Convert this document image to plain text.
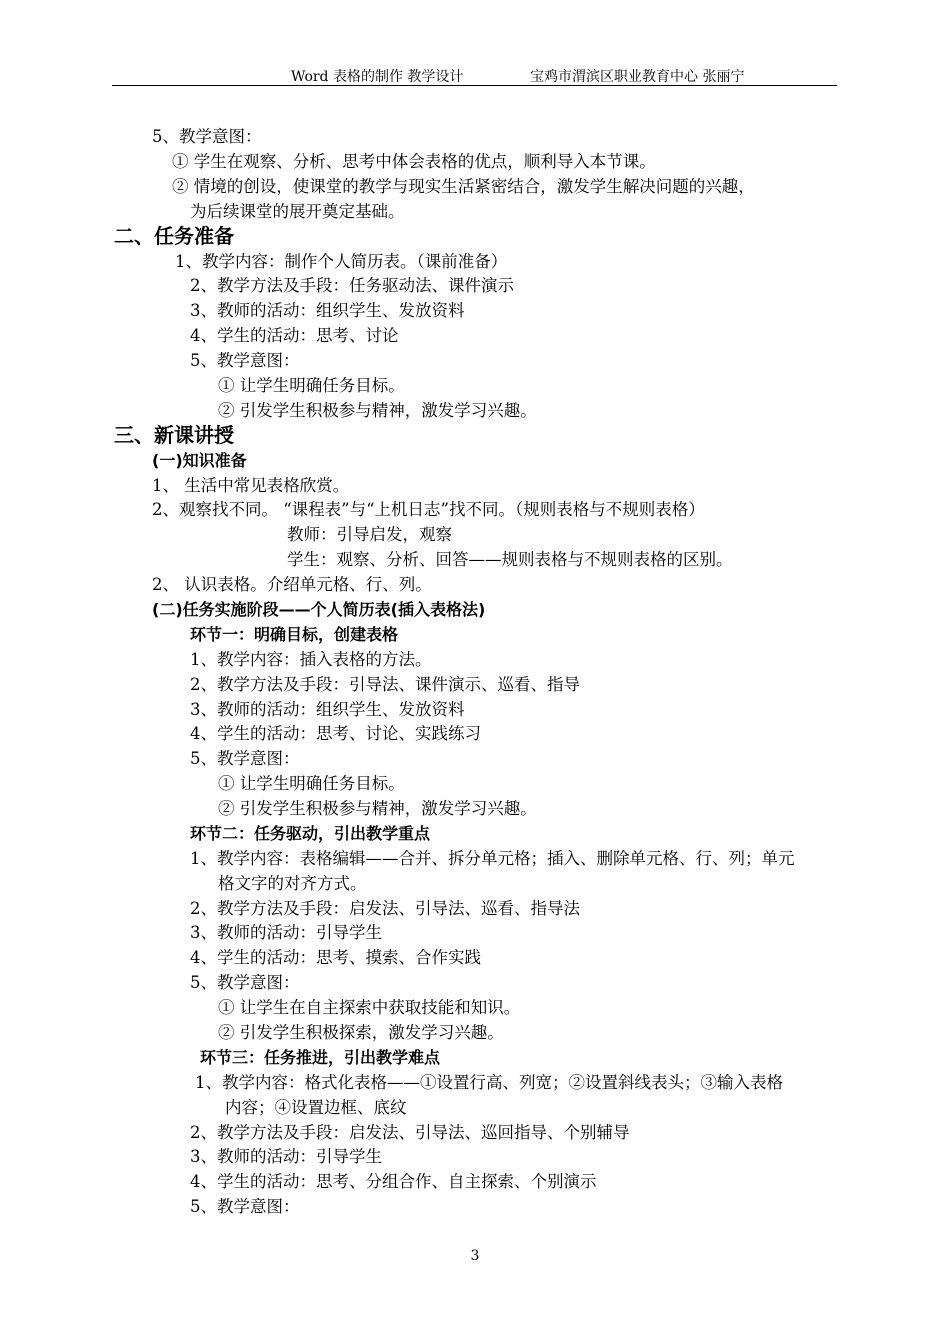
Word 表格的制作 教学设计	宝鸡市渭滨区职业教育中心 张丽宁
5、教学意图：
① 学生在观察、分析、思考中体会表格的优点，顺利导入本节课。
② 情境的创设，使课堂的教学与现实生活紧密结合，激发学生解决问题的兴趣，
为后续课堂的展开奠定基础。
二、任务准备
1、教学内容：制作个人简历表。（课前准备）
2、教学方法及手段：任务驱动法、课件演示
3、教师的活动：组织学生、发放资料
4、学生的活动：思考、讨论
5、教学意图：
① 让学生明确任务目标。
② 引发学生积极参与精神，激发学习兴趣。
三、新课讲授
(一)知识准备
1、 生活中常见表格欣赏。
2、观察找不同。 “课程表”与“上机日志”找不同。（规则表格与不规则表格）
教师：引导启发，观察
学生：观察、分析、回答——规则表格与不规则表格的区别。
2、 认识表格。介绍单元格、行、列。
(二)任务实施阶段——个人简历表(插入表格法)
环节一：明确目标，创建表格
1、教学内容：插入表格的方法。
2、教学方法及手段：引导法、课件演示、巡看、指导
3、教师的活动：组织学生、发放资料
4、学生的活动：思考、讨论、实践练习
5、教学意图：
① 让学生明确任务目标。
② 引发学生积极参与精神，激发学习兴趣。
环节二：任务驱动，引出教学重点
1、教学内容：表格编辑——合并、拆分单元格；插入、删除单元格、行、列；单元
格文字的对齐方式。
2、教学方法及手段：启发法、引导法、巡看、指导法
3、教师的活动：引导学生
4、学生的活动：思考、摸索、合作实践
5、教学意图：
① 让学生在自主探索中获取技能和知识。
② 引发学生积极探索，激发学习兴趣。
环节三：任务推进，引出教学难点
1、教学内容：格式化表格——①设置行高、列宽；②设置斜线表头；③输入表格
内容；④设置边框、底纹
2、教学方法及手段：启发法、引导法、巡回指导、个别辅导
3、教师的活动：引导学生
4、学生的活动：思考、分组合作、自主探索、个别演示
5、教学意图：
3
